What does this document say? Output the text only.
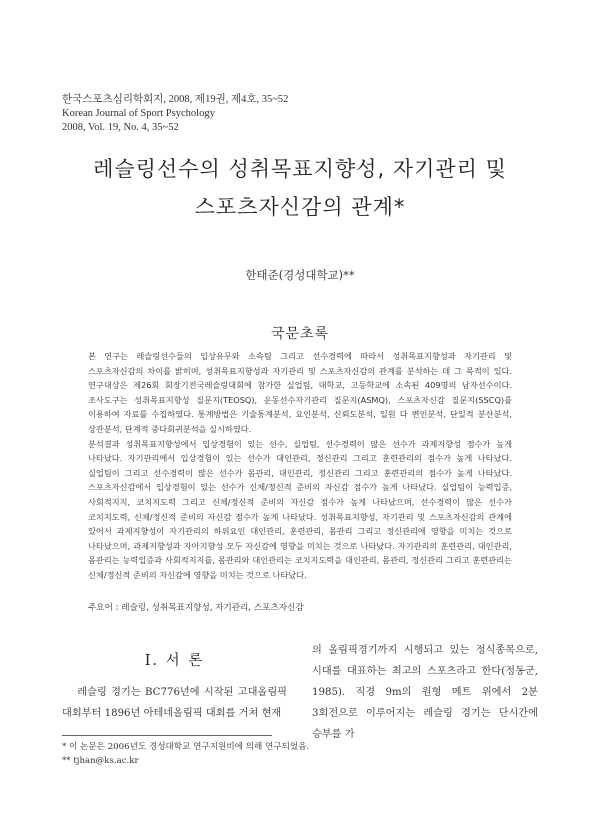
한국스포츠심리학회지, 2008, 제19권, 제4호, 35~52
Korean Journal of Sport Psychology
2008, Vol. 19, No. 4, 35~52
레슬링선수의 성취목표지향성, 자기관리 및
스포츠자신감의 관계*
한태준(경성대학교)**
국문초록

본 연구는 레슬링선수들의 입상유무와 소속팀 그리고 선수경력에 따라서 성취목표지향성과 자기관리 및 스포츠자신감의 차이를 밝히며, 성취목표지향성과 자기관리 및 스포츠자신감의 관계를 분석하는 데 그 목적이 있다. 연구대상은 제26회 회장기전국레슬링대회에 참가한 실업팀, 대학교, 고등학교에 소속된 409명의 남자선수이다. 조사도구는 성취목표지향성 질문지(TEOSQ), 운동선수자기관리 질문지(ASMQ), 스포츠자신감 질문지(SSCQ)를 이용하여 자료를 수집하였다. 통계방법은 기술통계분석, 요인분석, 신뢰도분석, 일원 다 변인분석, 단일적 분산분석, 상관분석, 단계적 중다회귀분석을 실시하였다.

분석결과 성취목표지향성에서 입상경험이 있는 선수, 실업팀, 선수경력이 많은 선수가 과제지향성 점수가 높게 나타났다. 자기관리에서 입상경험이 있는 선수가 대인관리, 정신관리 그리고 훈련관리의 점수가 높게 나타났다. 실업팀이 그리고 선수경력이 많은 선수가 몸관리, 대인관리, 정신관리 그리고 훈련관리의 점수가 높게 나타났다. 스포츠자신감에서 입상경험이 있는 선수가 신체/정신적 준비의 자신감 점수가 높게 나타났다. 실업팀이 능력입증, 사회적지지, 코치지도력 그리고 신체/정신적 준비의 자신감 점수가 높게 나타났으며, 선수경력이 많은 선수가 코치지도력, 신체/정신적 준비의 자신감 점수가 높게 나타났다. 성취목표지향성, 자기관리 및 스포츠자신감의 관계에 있어서 과제지향성이 자기관리의 하위요인 대인관리, 훈련관리, 몸관리 그리고 정신관리에 영향을 미치는 것으로 나타났으며, 과제지향성과 자아지향성 모두 자신감에 영향을 미치는 것으로 나타났다. 자기관리의 훈련관리, 대인관리, 몸관리는 능력입증과 사회적지지를, 몸관리와 대인관리는 코치지도력을 대인관리, 몸관리, 정신관리 그리고 훈련관리는 신체/정신적 준비의 자신감에 영향을 미치는 것으로 나타났다.

주요어 : 레슬링, 성취목표지향성, 자기관리, 스포츠자신감
Ⅰ. 서 론

레슬링 경기는 BC776년에 시작된 고대올림픽 대회부터 1896년 아테네올림픽 대회를 거쳐 현재

의 올림픽경기까지 시행되고 있는 정식종목으로, 시대를 대표하는 최고의 스포츠라고 한다(정동군, 1985). 직경 9m의 원형 메트 위에서 2분 3회전으로 이루어지는 레슬링 경기는 단시간에 승부를 가

* 이 논문은 2006년도 경성대학교 연구지원비에 의해 연구되었음.
** tjhan@ks.ac.kr
